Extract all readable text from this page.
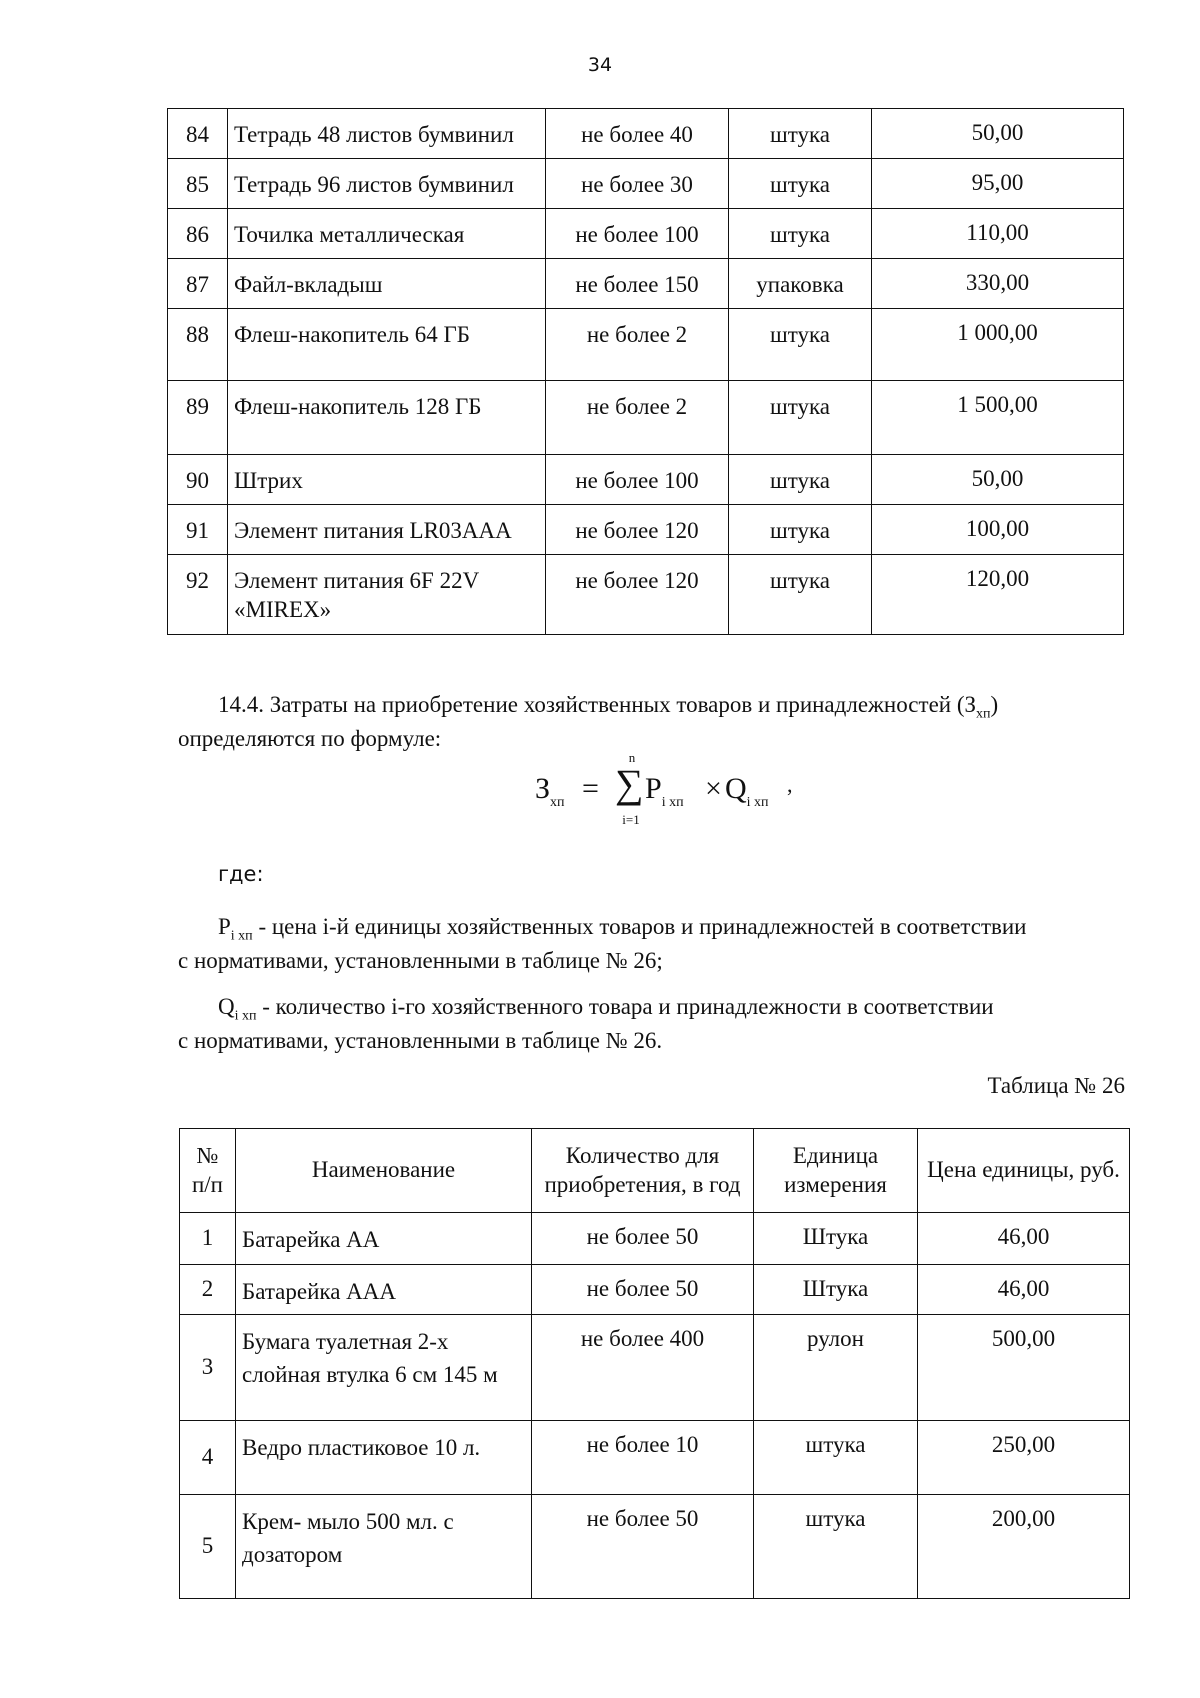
34
84	Тетрадь 48 листов бумвинил	не более 40	штука	50,00
85	Тетрадь 96 листов бумвинил	не более 30	штука	95,00
86	Точилка металлическая	не более 100	штука	110,00
87	Файл-вкладыш	не более 150	упаковка	330,00
88	Флеш-накопитель 64 ГБ	не более 2	штука	1 000,00
89	Флеш-накопитель 128 ГБ	не более 2	штука	1 500,00
90	Штрих	не более 100	штука	50,00
91	Элемент питания LR03AAA	не более 120	штука	100,00
92	Элемент питания 6F 22V «MIREX»	не более 120	штука	120,00
14.4. Затраты на приобретение хозяйственных товаров и принадлежностей $(З_{хп})$
определяются по формуле:
$З_{хп}$ =
n
∑
i=1
$P_{i хп} \times Q_{i хп}$
,
где:
$P_{i хп}$ - цена i-й единицы хозяйственных товаров и принадлежностей в соответствии
с нормативами, установленными в таблице № 26;
$Q_{i хп}$ - количество i-го хозяйственного товара и принадлежности в соответствии
с нормативами, установленными в таблице № 26.
Таблица № 26
№ п/п	Наименование	Количество для приобретения, в год	Единица измерения	Цена единицы, руб.
1	Батарейка АА	не более 50	Штука	46,00
2	Батарейка ААА	не более 50	Штука	46,00
3	Бумага туалетная 2-х слойная втулка 6 см 145 м	не более 400	рулон	500,00
4	Ведро пластиковое 10 л.	не более 10	штука	250,00
5	Крем- мыло 500 мл. с дозатором	не более 50	штука	200,00
